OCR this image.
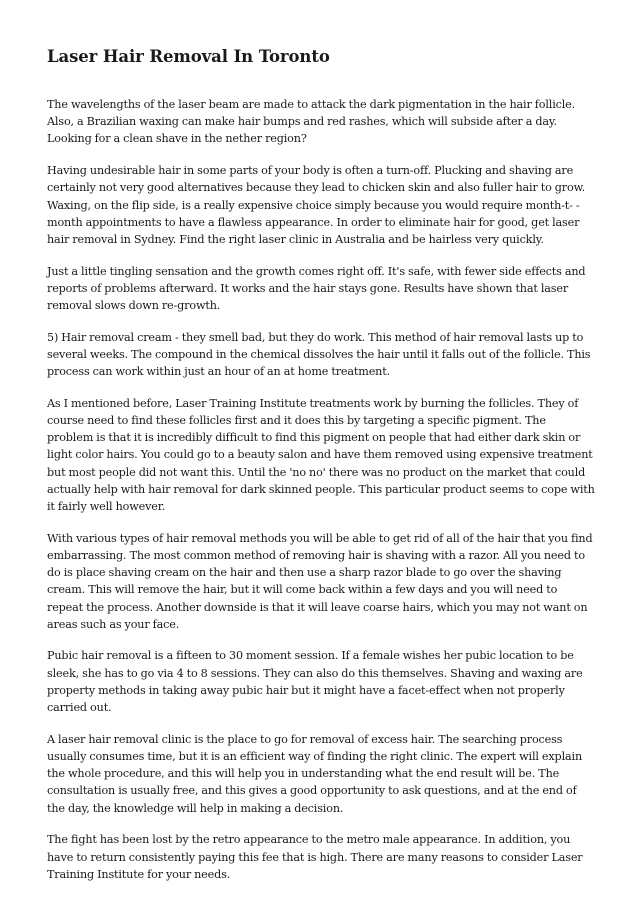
Laser Hair Removal In Toronto

The wavelengths of the laser beam are made to attack the dark pigmentation in the hair follicle. Also, a Brazilian waxing can make hair bumps and red rashes, which will subside after a day. Looking for a clean shave in the nether region?

Having undesirable hair in some parts of your body is often a turn-off. Plucking and shaving are certainly not very good alternatives because they lead to chicken skin and also fuller hair to grow. Waxing, on the flip side, is a really expensive choice simply because you would require month-t- -month appointments to have a flawless appearance. In order to eliminate hair for good, get laser hair removal in Sydney. Find the right laser clinic in Australia and be hairless very quickly.

Just a little tingling sensation and the growth comes right off. It's safe, with fewer side effects and reports of problems afterward. It works and the hair stays gone. Results have shown that laser removal slows down re-growth.

5) Hair removal cream - they smell bad, but they do work. This method of hair removal lasts up to several weeks. The compound in the chemical dissolves the hair until it falls out of the follicle. This process can work within just an hour of an at home treatment.

As I mentioned before, Laser Training Institute treatments work by burning the follicles. They of course need to find these follicles first and it does this by targeting a specific pigment. The problem is that it is incredibly difficult to find this pigment on people that had either dark skin or light color hairs. You could go to a beauty salon and have them removed using expensive treatment but most people did not want this. Until the 'no no' there was no product on the market that could actually help with hair removal for dark skinned people. This particular product seems to cope with it fairly well however.

With various types of hair removal methods you will be able to get rid of all of the hair that you find embarrassing. The most common method of removing hair is shaving with a razor. All you need to do is place shaving cream on the hair and then use a sharp razor blade to go over the shaving cream. This will remove the hair, but it will come back within a few days and you will need to repeat the process. Another downside is that it will leave coarse hairs, which you may not want on areas such as your face.

Pubic hair removal is a fifteen to 30 moment session. If a female wishes her pubic location to be sleek, she has to go via 4 to 8 sessions. They can also do this themselves. Shaving and waxing are property methods in taking away pubic hair but it might have a facet-effect when not properly carried out.

A laser hair removal clinic is the place to go for removal of excess hair. The searching process usually consumes time, but it is an efficient way of finding the right clinic. The expert will explain the whole procedure, and this will help you in understanding what the end result will be. The consultation is usually free, and this gives a good opportunity to ask questions, and at the end of the day, the knowledge will help in making a decision.

The fight has been lost by the retro appearance to the metro male appearance. In addition, you have to return consistently paying this fee that is high. There are many reasons to consider Laser Training Institute for your needs.
